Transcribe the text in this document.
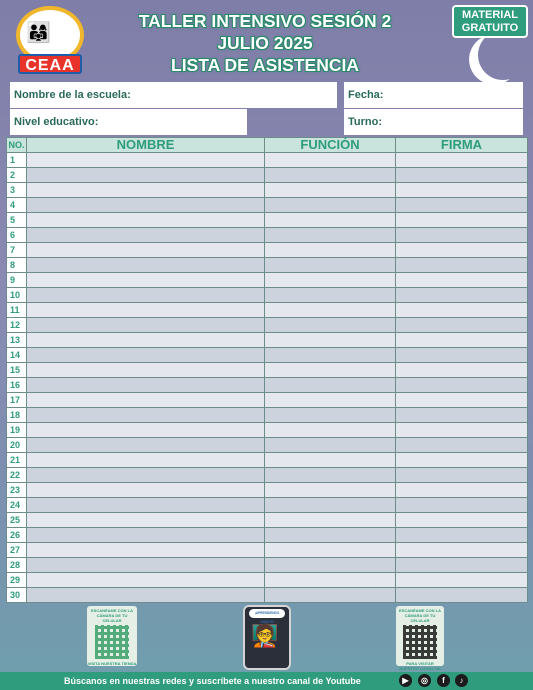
👨‍👩‍👧
CEAA
TALLER INTENSIVO SESIÓN 2
JULIO 2025
LISTA DE ASISTENCIA
MATERIAL
GRATUITO
Nombre de la escuela:	Fecha:
Nivel educativo:	Turno:
NO.	NOMBRE	FUNCIÓN	FIRMA
1			
2			
3			
4			
5			
6			
7			
8			
9			
10			
11			
12			
13			
14			
15			
16			
17			
18			
19			
20			
21			
22			
23			
24			
25			
26			
27			
28			
29			
30			
ESCANÉAME CON LA CÁMARA DE TU CELULAR
VISITA NUESTRA TIENDA
¡APRENDIENDO JUNTOS!
🧑‍🏫
ESCANÉAME CON LA CÁMARA DE TU CELULAR
PARA VISITAR NUESTRO CANAL DE
Búscanos en nuestras redes y suscríbete a nuestro canal de Youtube	▶	◎	f	♪
